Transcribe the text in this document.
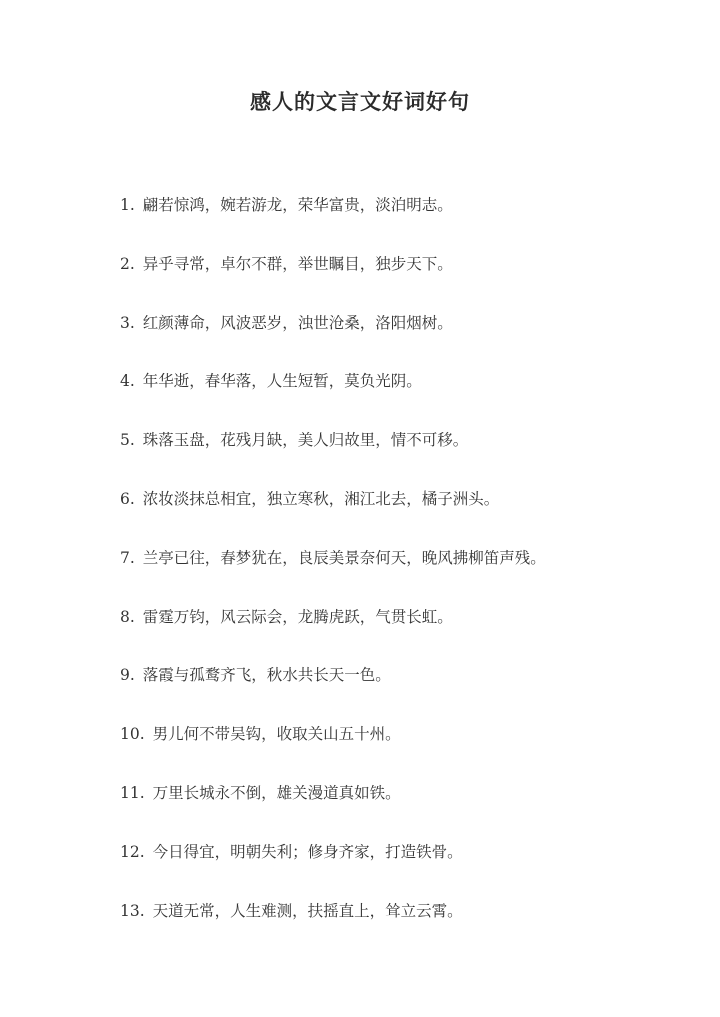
感人的文言文好词好句
1. 翩若惊鸿，婉若游龙，荣华富贵，淡泊明志。
2. 异乎寻常，卓尔不群，举世瞩目，独步天下。
3. 红颜薄命，风波恶岁，浊世沧桑，洛阳烟树。
4. 年华逝，春华落，人生短暂，莫负光阴。
5. 珠落玉盘，花残月缺，美人归故里，情不可移。
6. 浓妆淡抹总相宜，独立寒秋，湘江北去，橘子洲头。
7. 兰亭已往，春梦犹在，良辰美景奈何天，晚风拂柳笛声残。
8. 雷霆万钧，风云际会，龙腾虎跃，气贯长虹。
9. 落霞与孤鹜齐飞，秋水共长天一色。
10. 男儿何不带吴钩，收取关山五十州。
11. 万里长城永不倒，雄关漫道真如铁。
12. 今日得宜，明朝失利；修身齐家，打造铁骨。
13. 天道无常，人生难测，扶摇直上，耸立云霄。
